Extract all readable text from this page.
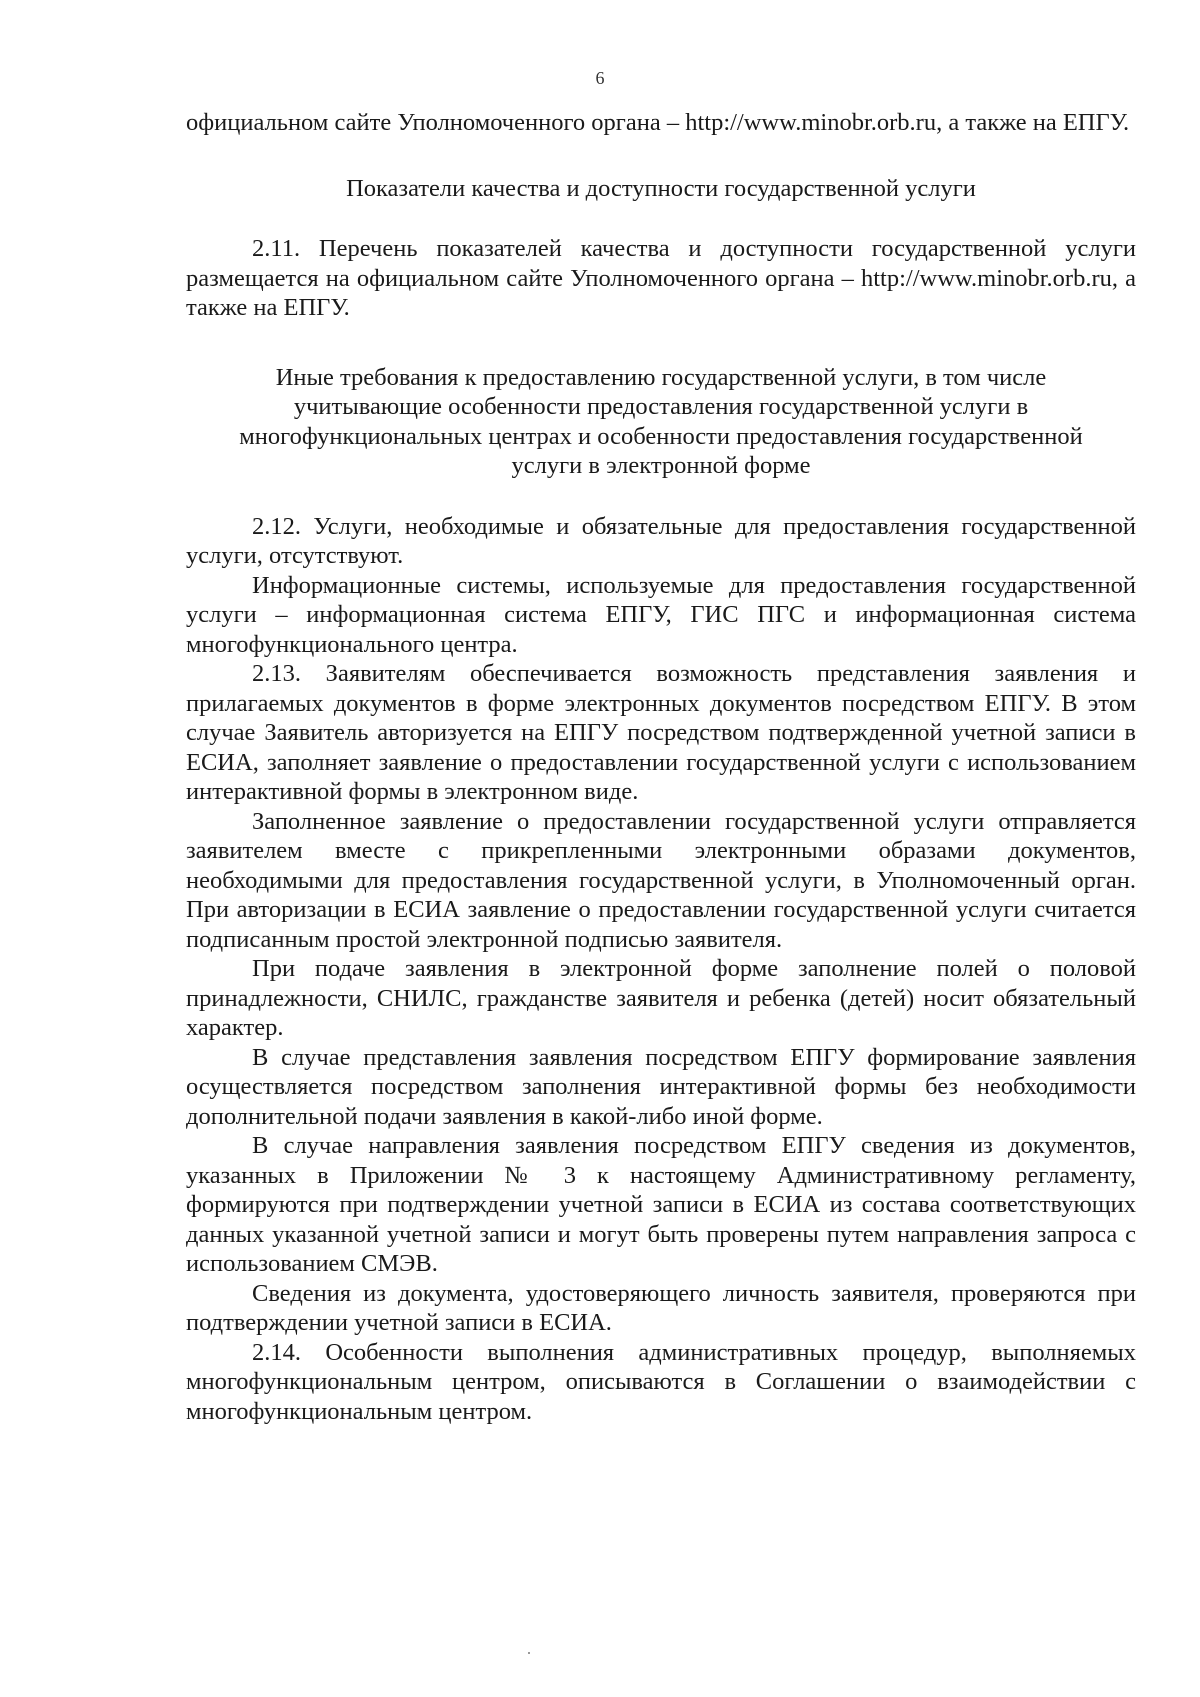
6

официальном сайте Уполномоченного органа – http://www.minobr.orb.ru, а также на ЕПГУ.

Показатели качества и доступности государственной услуги

2.11. Перечень показателей качества и доступности государственной услуги размещается на официальном сайте Уполномоченного органа – http://www.minobr.orb.ru, а также на ЕПГУ.

Иные требования к предоставлению государственной услуги, в том числе учитывающие особенности предоставления государственной услуги в многофункциональных центрах и особенности предоставления государственной услуги в электронной форме

2.12. Услуги, необходимые и обязательные для предоставления государственной услуги, отсутствуют.

Информационные системы, используемые для предоставления государственной услуги – информационная система ЕПГУ, ГИС ПГС и информационная система многофункционального центра.

2.13. Заявителям обеспечивается возможность представления заявления и прилагаемых документов в форме электронных документов посредством ЕПГУ. В этом случае Заявитель авторизуется на ЕПГУ посредством подтвержденной учетной записи в ЕСИА, заполняет заявление о предоставлении государственной услуги с использованием интерактивной формы в электронном виде.

Заполненное заявление о предоставлении государственной услуги отправляется заявителем вместе с прикрепленными электронными образами документов, необходимыми для предоставления государственной услуги, в Уполномоченный орган. При авторизации в ЕСИА заявление о предоставлении государственной услуги считается подписанным простой электронной подписью заявителя.

При подаче заявления в электронной форме заполнение полей о половой принадлежности, СНИЛС, гражданстве заявителя и ребенка (детей) носит обязательный характер.

В случае представления заявления посредством ЕПГУ формирование заявления осуществляется посредством заполнения интерактивной формы без необходимости дополнительной подачи заявления в какой-либо иной форме.

В случае направления заявления посредством ЕПГУ сведения из документов, указанных в Приложении № 3 к настоящему Административному регламенту, формируются при подтверждении учетной записи в ЕСИА из состава соответствующих данных указанной учетной записи и могут быть проверены путем направления запроса с использованием СМЭВ.

Сведения из документа, удостоверяющего личность заявителя, проверяются при подтверждении учетной записи в ЕСИА.

2.14. Особенности выполнения административных процедур, выполняемых многофункциональным центром, описываются в Соглашении о взаимодействии с многофункциональным центром.
